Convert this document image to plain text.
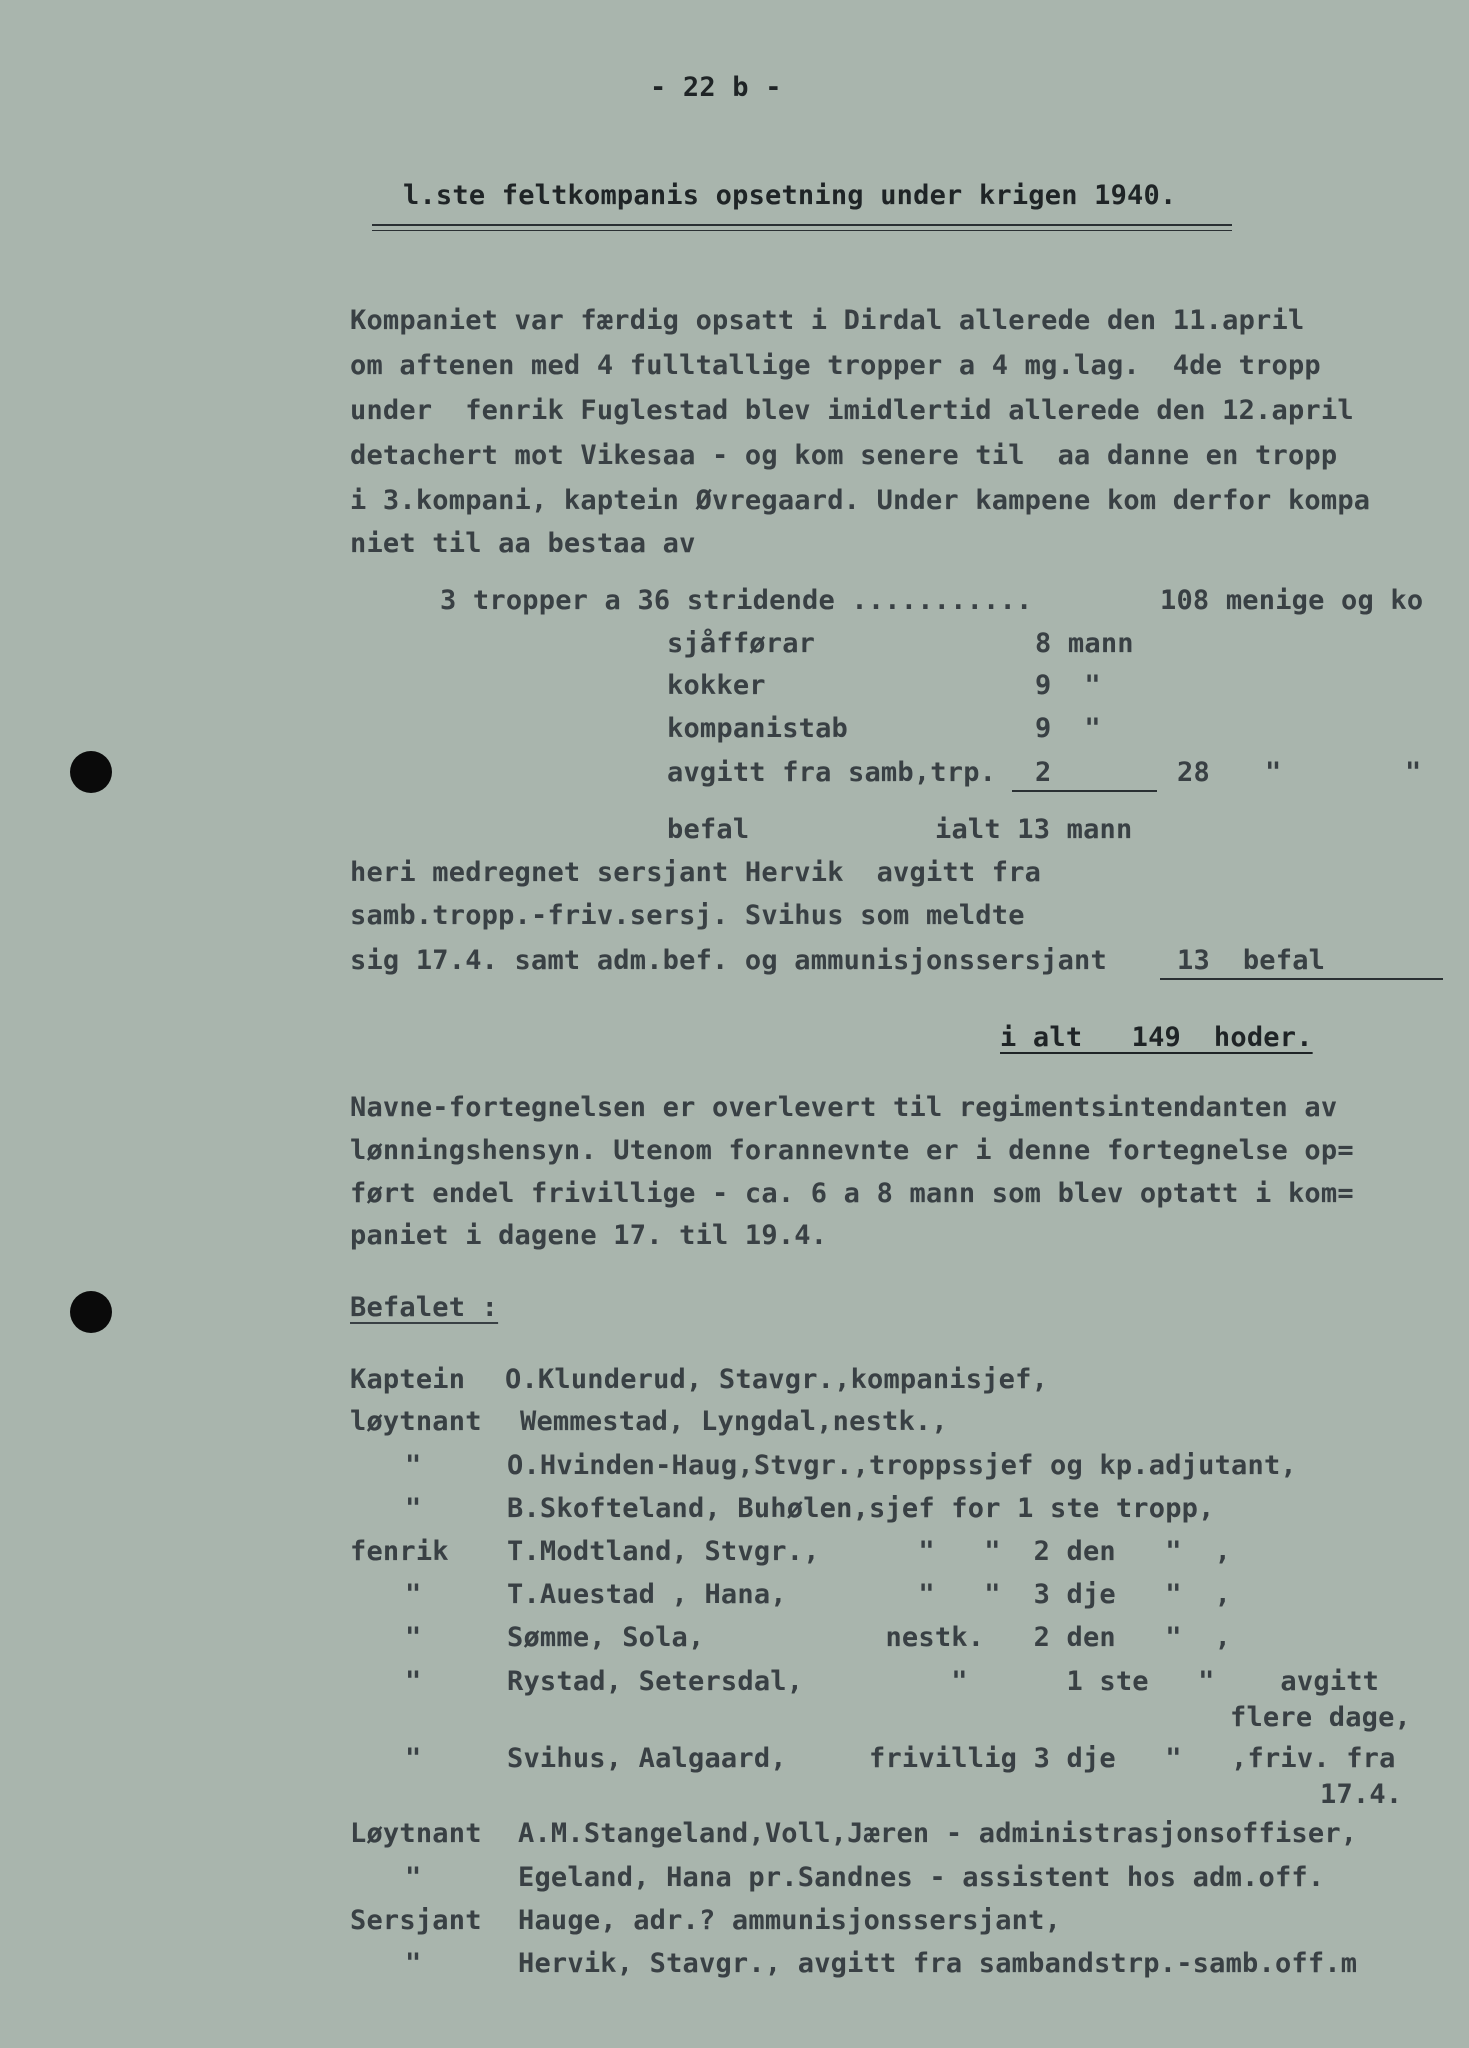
- 22 b -
l.ste feltkompanis opsetning under krigen 1940.
Kompaniet var færdig opsatt i Dirdal allerede den 11.april
om aftenen med 4 fulltallige tropper a 4 mg.lag.  4de tropp
under  fenrik Fuglestad blev imidlertid allerede den 12.april
detachert mot Vikesaa - og kom senere til  aa danne en tropp
i 3.kompani, kaptein Øvregaard. Under kampene kom derfor kompa
niet til aa bestaa av
3 tropper a 36 stridende ...........	108 menige og ko
sjåfførar	8 mann
kokker	9  "
kompanistab	9  "
avgitt fra samb,trp. 2	28 "	"
befal	ialt 13 mann
heri medregnet sersjant Hervik  avgitt fra
samb.tropp.-friv.sersj. Svihus som meldte
sig 17.4. samt adm.bef. og ammunisjonssersjant	13  befal
i alt   149  hoder.
Navne-fortegnelsen er overlevert til regimentsintendanten av
lønningshensyn. Utenom forannevnte er i denne fortegnelse op=
ført endel frivillige - ca. 6 a 8 mann som blev optatt i kom=
paniet i dagene 17. til 19.4.
Befalet :
Kaptein O.Klunderud, Stavgr.,kompanisjef,
løytnant Wemmestad, Lyngdal,nestk.,
"	O.Hvinden-Haug,Stvgr.,troppssjef og kp.adjutant,
"	B.Skofteland, Buhølen,sjef for 1 ste tropp,
fenrik T.Modtland, Stvgr.,      "   "  2 den   "  ,
"	T.Auestad , Hana,        "   "  3 dje   "  ,
"	Sømme, Sola,           nestk.   2 den   "  ,
"	Rystad, Setersdal,         "      1 ste   "    avgitt
flere dage,
"	Svihus, Aalgaard,     frivillig 3 dje   "   ,friv. fra
17.4.
Løytnant A.M.Stangeland,Voll,Jæren - administrasjonsoffiser,
"	Egeland, Hana pr.Sandnes - assistent hos adm.off.
Sersjant Hauge, adr.? ammunisjonssersjant,
"	Hervik, Stavgr., avgitt fra sambandstrp.-samb.off.m
